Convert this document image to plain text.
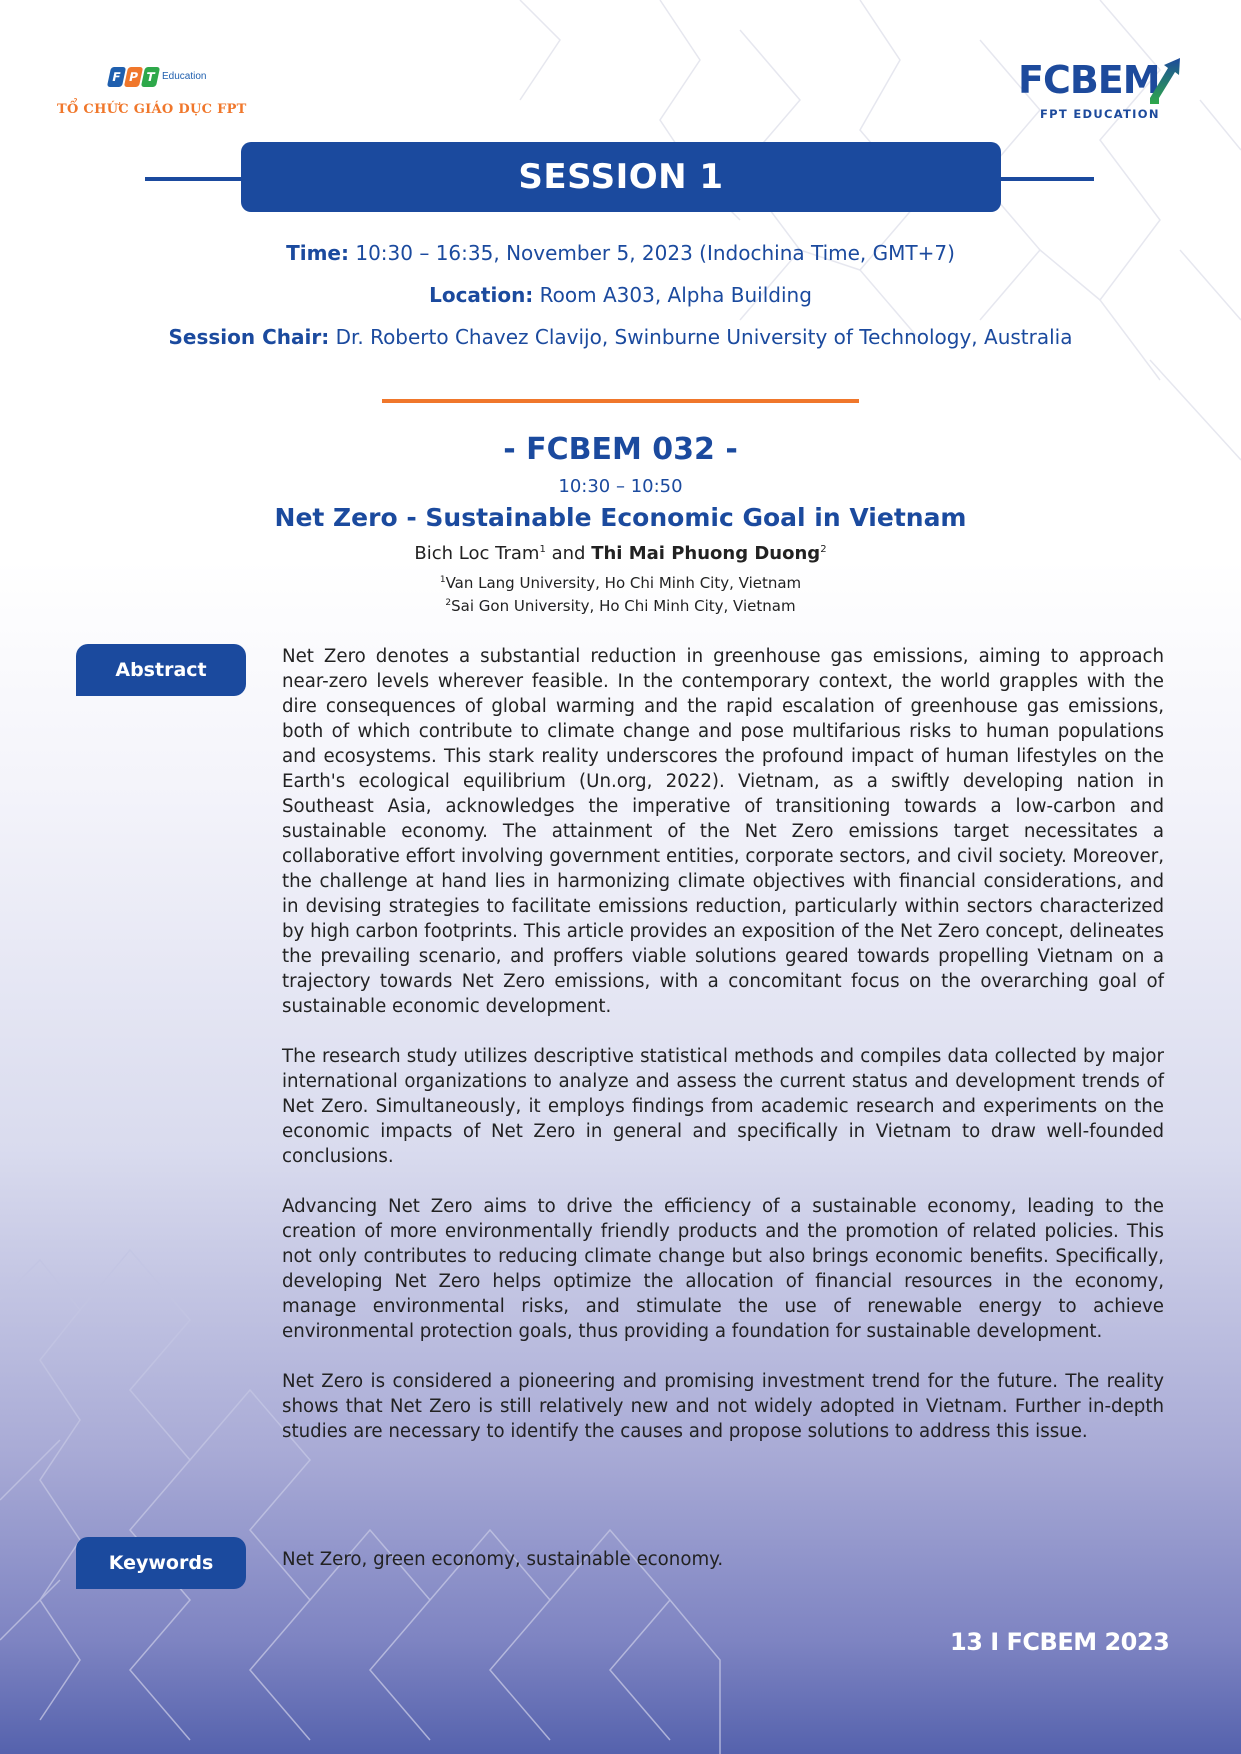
F P T Education
TỔ CHỨC GIÁO DỤC FPT
FCBEM
FPT EDUCATION
SESSION 1
Time: 10:30 – 16:35, November 5, 2023 (Indochina Time, GMT+7)
Location: Room A303, Alpha Building
Session Chair: Dr. Roberto Chavez Clavijo, Swinburne University of Technology, Australia
- FCBEM 032 -
10:30 – 10:50
Net Zero - Sustainable Economic Goal in Vietnam
Bich Loc Tram$^1$ and Thi Mai Phuong Duong$^2$
$^1$Van Lang University, Ho Chi Minh City, Vietnam
$^2$Sai Gon University, Ho Chi Minh City, Vietnam
Abstract

Net Zero denotes a substantial reduction in greenhouse gas emissions, aiming to approach near-zero levels wherever feasible. In the contemporary context, the world grapples with the dire consequences of global warming and the rapid escalation of greenhouse gas emissions, both of which contribute to climate change and pose multifarious risks to human populations and ecosystems. This stark reality underscores the profound impact of human lifestyles on the Earth's ecological equilibrium (Un.org, 2022). Vietnam, as a swiftly developing nation in Southeast Asia, acknowledges the imperative of transitioning towards a low-carbon and sustainable economy. The attainment of the Net Zero emissions target necessitates a collaborative effort involving government entities, corporate sectors, and civil society. Moreover, the challenge at hand lies in harmonizing climate objectives with financial considerations, and in devising strategies to facilitate emissions reduction, particularly within sectors characterized by high carbon footprints. This article provides an exposition of the Net Zero concept, delineates the prevailing scenario, and proffers viable solutions geared towards propelling Vietnam on a trajectory towards Net Zero emissions, with a concomitant focus on the overarching goal of sustainable economic development.

The research study utilizes descriptive statistical methods and compiles data collected by major international organizations to analyze and assess the current status and development trends of Net Zero. Simultaneously, it employs findings from academic research and experiments on the economic impacts of Net Zero in general and specifically in Vietnam to draw well-founded conclusions.

Advancing Net Zero aims to drive the efficiency of a sustainable economy, leading to the creation of more environmentally friendly products and the promotion of related policies. This not only contributes to reducing climate change but also brings economic benefits. Specifically, developing Net Zero helps optimize the allocation of financial resources in the economy, manage environmental risks, and stimulate the use of renewable energy to achieve environmental protection goals, thus providing a foundation for sustainable development.

Net Zero is considered a pioneering and promising investment trend for the future. The reality shows that Net Zero is still relatively new and not widely adopted in Vietnam. Further in-depth studies are necessary to identify the causes and propose solutions to address this issue.

Keywords	Net Zero, green economy, sustainable economy.
13 I FCBEM 2023
